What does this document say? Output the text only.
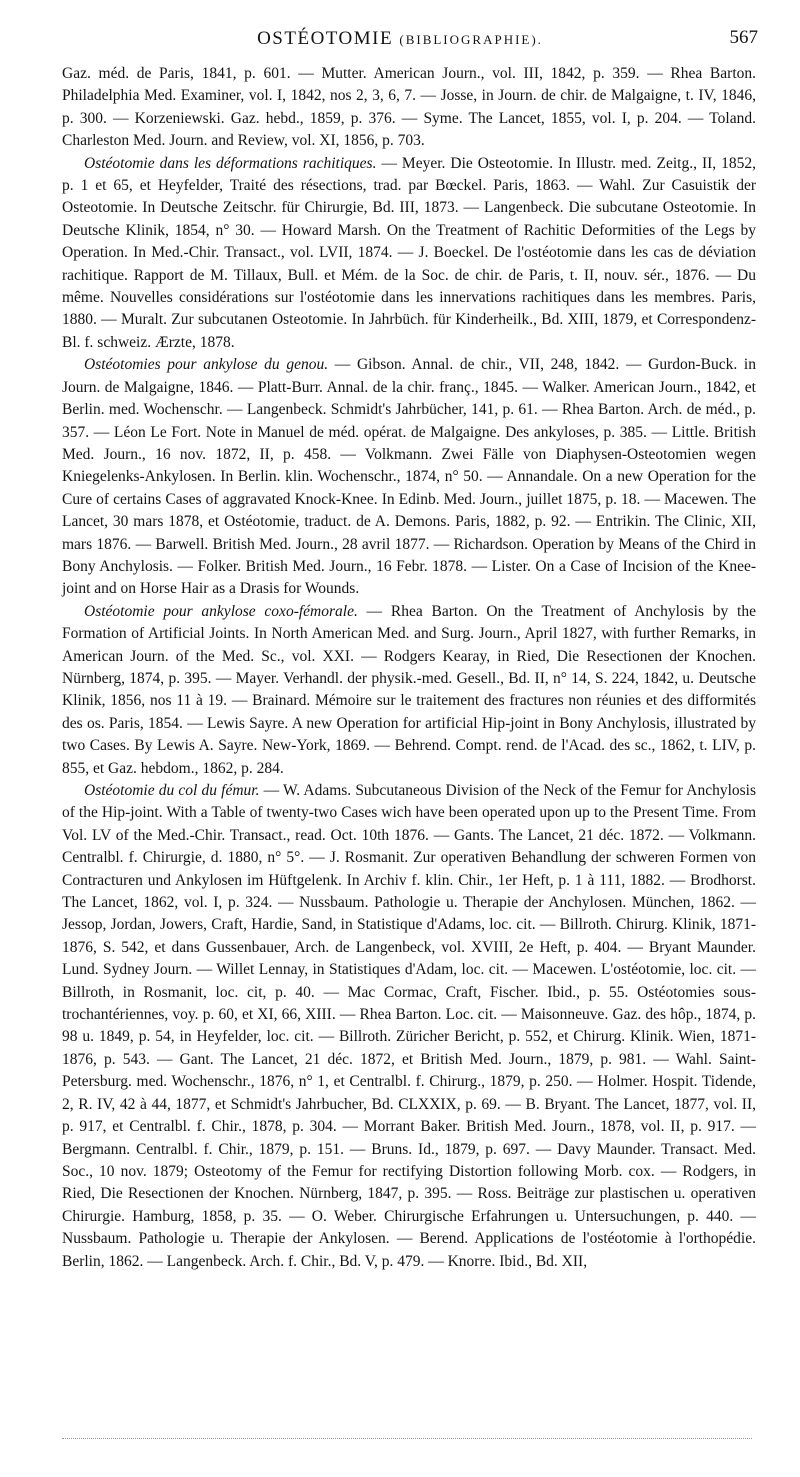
OSTÉOTOMIE (BIBLIOGRAPHIE).	567

Gaz. méd. de Paris, 1841, p. 601. — Mutter. American Journ., vol. III, 1842, p. 359. — Rhea Barton. Philadelphia Med. Examiner, vol. I, 1842, nos 2, 3, 6, 7. — Josse, in Journ. de chir. de Malgaigne, t. IV, 1846, p. 300. — Korzeniewski. Gaz. hebd., 1859, p. 376. — Syme. The Lancet, 1855, vol. I, p. 204. — Toland. Charleston Med. Journ. and Review, vol. XI, 1856, p. 703.

Ostéotomie dans les déformations rachitiques. — Meyer. Die Osteotomie. In Illustr. med. Zeitg., II, 1852, p. 1 et 65, et Heyfelder, Traité des résections, trad. par Bœckel. Paris, 1863. — Wahl. Zur Casuistik der Osteotomie. In Deutsche Zeitschr. für Chirurgie, Bd. III, 1873. — Langenbeck. Die subcutane Osteotomie. In Deutsche Klinik, 1854, n° 30. — Howard Marsh. On the Treatment of Rachitic Deformities of the Legs by Operation. In Med.-Chir. Transact., vol. LVII, 1874. — J. Boeckel. De l'ostéotomie dans les cas de déviation rachitique. Rapport de M. Tillaux, Bull. et Mém. de la Soc. de chir. de Paris, t. II, nouv. sér., 1876. — Du même. Nouvelles considérations sur l'ostéotomie dans les innervations rachitiques dans les membres. Paris, 1880. — Muralt. Zur subcutanen Osteotomie. In Jahrbüch. für Kinderheilk., Bd. XIII, 1879, et Correspondenz-Bl. f. schweiz. Ærzte, 1878.

Ostéotomies pour ankylose du genou. — Gibson. Annal. de chir., VII, 248, 1842. — Gurdon-Buck. in Journ. de Malgaigne, 1846. — Platt-Burr. Annal. de la chir. franç., 1845. — Walker. American Journ., 1842, et Berlin. med. Wochenschr. — Langenbeck. Schmidt's Jahrbücher, 141, p. 61. — Rhea Barton. Arch. de méd., p. 357. — Léon Le Fort. Note in Manuel de méd. opérat. de Malgaigne. Des ankyloses, p. 385. — Little. British Med. Journ., 16 nov. 1872, II, p. 458. — Volkmann. Zwei Fälle von Diaphysen-Osteotomien wegen Kniegelenks-Ankylosen. In Berlin. klin. Wochenschr., 1874, n° 50. — Annandale. On a new Operation for the Cure of certains Cases of aggravated Knock-Knee. In Edinb. Med. Journ., juillet 1875, p. 18. — Macewen. The Lancet, 30 mars 1878, et Ostéotomie, traduct. de A. Demons. Paris, 1882, p. 92. — Entrikin. The Clinic, XII, mars 1876. — Barwell. British Med. Journ., 28 avril 1877. — Richardson. Operation by Means of the Chird in Bony Anchylosis. — Folker. British Med. Journ., 16 Febr. 1878. — Lister. On a Case of Incision of the Knee-joint and on Horse Hair as a Drasis for Wounds.

Ostéotomie pour ankylose coxo-fémorale. — Rhea Barton. On the Treatment of Anchylosis by the Formation of Artificial Joints. In North American Med. and Surg. Journ., April 1827, with further Remarks, in American Journ. of the Med. Sc., vol. XXI. — Rodgers Kearay, in Ried, Die Resectionen der Knochen. Nürnberg, 1874, p. 395. — Mayer. Verhandl. der physik.-med. Gesell., Bd. II, n° 14, S. 224, 1842, u. Deutsche Klinik, 1856, nos 11 à 19. — Brainard. Mémoire sur le traitement des fractures non réunies et des difformités des os. Paris, 1854. — Lewis Sayre. A new Operation for artificial Hip-joint in Bony Anchylosis, illustrated by two Cases. By Lewis A. Sayre. New-York, 1869. — Behrend. Compt. rend. de l'Acad. des sc., 1862, t. LIV, p. 855, et Gaz. hebdom., 1862, p. 284.

Ostéotomie du col du fémur. — W. Adams. Subcutaneous Division of the Neck of the Femur for Anchylosis of the Hip-joint. With a Table of twenty-two Cases wich have been operated upon up to the Present Time. From Vol. LV of the Med.-Chir. Transact., read. Oct. 10th 1876. — Gants. The Lancet, 21 déc. 1872. — Volkmann. Centralbl. f. Chirurgie, d. 1880, n° 5°. — J. Rosmanit. Zur operativen Behandlung der schweren Formen von Contracturen und Ankylosen im Hüftgelenk. In Archiv f. klin. Chir., 1er Heft, p. 1 à 111, 1882. — Brodhorst. The Lancet, 1862, vol. I, p. 324. — Nussbaum. Pathologie u. Therapie der Anchylosen. München, 1862. — Jessop, Jordan, Jowers, Craft, Hardie, Sand, in Statistique d'Adams, loc. cit. — Billroth. Chirurg. Klinik, 1871-1876, S. 542, et dans Gussenbauer, Arch. de Langenbeck, vol. XVIII, 2e Heft, p. 404. — Bryant Maunder. Lund. Sydney Journ. — Willet Lennay, in Statistiques d'Adam, loc. cit. — Macewen. L'ostéotomie, loc. cit. — Billroth, in Rosmanit, loc. cit, p. 40. — Mac Cormac, Craft, Fischer. Ibid., p. 55. Ostéotomies sous-trochantériennes, voy. p. 60, et XI, 66, XIII. — Rhea Barton. Loc. cit. — Maisonneuve. Gaz. des hôp., 1874, p. 98 u. 1849, p. 54, in Heyfelder, loc. cit. — Billroth. Züricher Bericht, p. 552, et Chirurg. Klinik. Wien, 1871-1876, p. 543. — Gant. The Lancet, 21 déc. 1872, et British Med. Journ., 1879, p. 981. — Wahl. Saint-Petersburg. med. Wochenschr., 1876, n° 1, et Centralbl. f. Chirurg., 1879, p. 250. — Holmer. Hospit. Tidende, 2, R. IV, 42 à 44, 1877, et Schmidt's Jahrbucher, Bd. CLXXIX, p. 69. — B. Bryant. The Lancet, 1877, vol. II, p. 917, et Centralbl. f. Chir., 1878, p. 304. — Morrant Baker. British Med. Journ., 1878, vol. II, p. 917. — Bergmann. Centralbl. f. Chir., 1879, p. 151. — Bruns. Id., 1879, p. 697. — Davy Maunder. Transact. Med. Soc., 10 nov. 1879; Osteotomy of the Femur for rectifying Distortion following Morb. cox. — Rodgers, in Ried, Die Resectionen der Knochen. Nürnberg, 1847, p. 395. — Ross. Beiträge zur plastischen u. operativen Chirurgie. Hamburg, 1858, p. 35. — O. Weber. Chirurgische Erfahrungen u. Untersuchungen, p. 440. — Nussbaum. Pathologie u. Therapie der Ankylosen. — Berend. Applications de l'ostéotomie à l'orthopédie. Berlin, 1862. — Langenbeck. Arch. f. Chir., Bd. V, p. 479. — Knorre. Ibid., Bd. XII,
